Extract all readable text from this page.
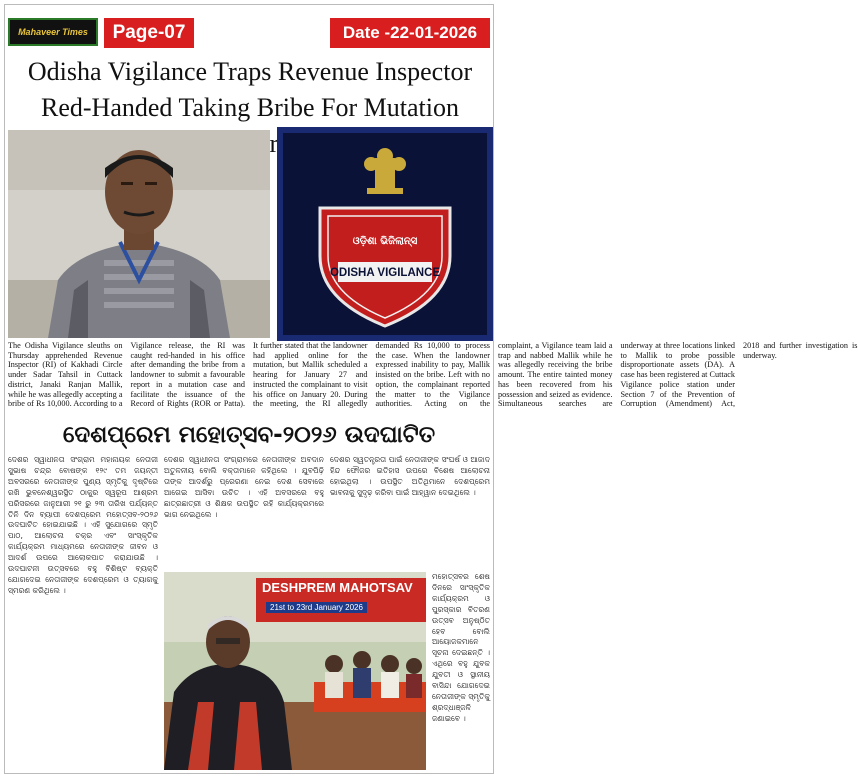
Mahaveer Times	Page-07	Date -22-01-2026
Odisha Vigilance Traps Revenue Inspector
Red-Handed Taking Bribe For Mutation
ଓଡ଼ିଶା ଭିଜିଲାନ୍ସ
ODISHA VIGILANCE
The Odisha Vigilance sleuths on Thursday apprehended Revenue Inspector (RI) of Kakhadi Circle under Sadar Tahsil in Cuttack district, Janaki Ranjan Mallik, while he was allegedly accepting a bribe of Rs 10,000. According to a Vigilance release, the RI was caught red-handed in his office after demanding the bribe from a landowner to submit a favourable report in a mutation case and facilitate the issuance of the Record of Rights (ROR or Patta). It further stated that the landowner had applied online for the mutation, but Mallik scheduled a hearing for January 27 and instructed the complainant to visit his office on January 20. During the meeting, the RI allegedly demanded Rs 10,000 to process the case. When the landowner expressed inability to pay, Mallik insisted on the bribe. Left with no option, the complainant reported the matter to the Vigilance authorities. Acting on the complaint, a Vigilance team laid a trap and nabbed Mallik while he was allegedly receiving the bribe amount. The entire tainted money has been recovered from his possession and seized as evidence. Simultaneous searches are underway at three locations linked to Mallik to probe possible disproportionate assets (DA). A case has been registered at Cuttack Vigilance police station under Section 7 of the Prevention of Corruption (Amendment) Act, 2018 and further investigation is underway.
ଦେଶପ୍ରେମ ମହୋତ୍ସବ-୨୦୨୬ ଉଦଘାଟିତ
ଦେଶର ସ୍ୱାଧୀନତା ସଂଗ୍ରାମ ମହାନାୟକ ନେତାଜୀ ସୁଭାଷ ଚନ୍ଦ୍ର ବୋଷଙ୍କ ୧୨୯ ତମ ଜୟନ୍ତୀ ଅବସରରେ ନେତାଜୀଙ୍କ ପୁଣ୍ୟ ସ୍ମୃତିକୁ ଦୃଷ୍ଟିରେ ରଖି ଭୁବନେଶ୍ୱରସ୍ଥିତ ଠାକୁର ସ୍ୱରୂପ ଆଶ୍ରମ ପରିସରରେ ଜାନୁଆରୀ ୨୧ ରୁ ୨୩ ତାରିଖ ପର୍ଯ୍ୟନ୍ତ ତିନି ଦିନ ବ୍ୟାପୀ ଦେଶପ୍ରେମ ମହୋତ୍ସବ-୨୦୨୬ ଉଦଘାଟିତ ହୋଇଯାଇଛି । ଏହି ସୁଯୋଗରେ ସ୍ମୃତି ପାଠ, ଆଲୋଚନା ଚକ୍ର ଏବଂ ସାଂସ୍କୃତିକ କାର୍ଯ୍ୟକ୍ରମ ମାଧ୍ୟମରେ ନେତାଜୀଙ୍କ ଜୀବନ ଓ ଆଦର୍ଶ ଉପରେ ଆଲୋକପାତ କରାଯାଉଛି । ଉଦଘାଟନୀ ଉତ୍ସବରେ ବହୁ ବିଶିଷ୍ଟ ବ୍ୟକ୍ତି ଯୋଗଦେଇ ନେତାଜୀଙ୍କ ଦେଶପ୍ରେମ ଓ ତ୍ୟାଗକୁ ସ୍ମରଣ କରିଥିଲେ ।
ଦେଶର ସ୍ୱାଧୀନତା ସଂଗ୍ରାମରେ ନେତାଜୀଙ୍କ ଅବଦାନ ଅତୁଳନୀୟ ବୋଲି ବକ୍ତାମାନେ କହିଥିଲେ । ଯୁବପିଢ଼ି ତାଙ୍କ ଆଦର୍ଶରୁ ପ୍ରେରଣା ନେଇ ଦେଶ ସେବାରେ ଆଗେଇ ଆସିବା ଉଚିତ । ଏହି ଅବସରରେ ବହୁ ଛାତ୍ରଛାତ୍ରୀ ଓ ଶିକ୍ଷକ ଉପସ୍ଥିତ ରହି କାର୍ଯ୍ୟକ୍ରମରେ ଭାଗ ନେଇଥିଲେ ।
ଦେଶର ସ୍ୱତନ୍ତ୍ରତା ପାଇଁ ନେତାଜୀଙ୍କ ସଂଘର୍ଷ ଓ ଆଜାଦ ହିନ୍ଦ ଫୌଜର ଇତିହାସ ଉପରେ ବିଶେଷ ଆଲୋଚନା ହୋଇଥିଲା । ଉପସ୍ଥିତ ଅତିଥିମାନେ ଦେଶପ୍ରେମ ଭାବନାକୁ ସୁଦୃଢ଼ କରିବା ପାଇଁ ଆହ୍ୱାନ ଦେଇଥିଲେ ।
ମହୋତ୍ସବର ଶେଷ ଦିନରେ ସାଂସ୍କୃତିକ କାର୍ଯ୍ୟକ୍ରମ ଓ ପୁରସ୍କାର ବିତରଣ ଉତ୍ସବ ଅନୁଷ୍ଠିତ ହେବ ବୋଲି ଆୟୋଜକମାନେ ସୂଚନା ଦେଇଛନ୍ତି । ଏଥିରେ ବହୁ ଯୁବକ ଯୁବତୀ ଓ ସ୍ଥାନୀୟ ବାସିନ୍ଦା ଯୋଗଦେଇ ନେତାଜୀଙ୍କ ସ୍ମୃତିକୁ ଶ୍ରଦ୍ଧାଞ୍ଜଳି ଜଣାଇବେ ।
DESHPREM MAHOTSAV
21st to 23rd January 2026
